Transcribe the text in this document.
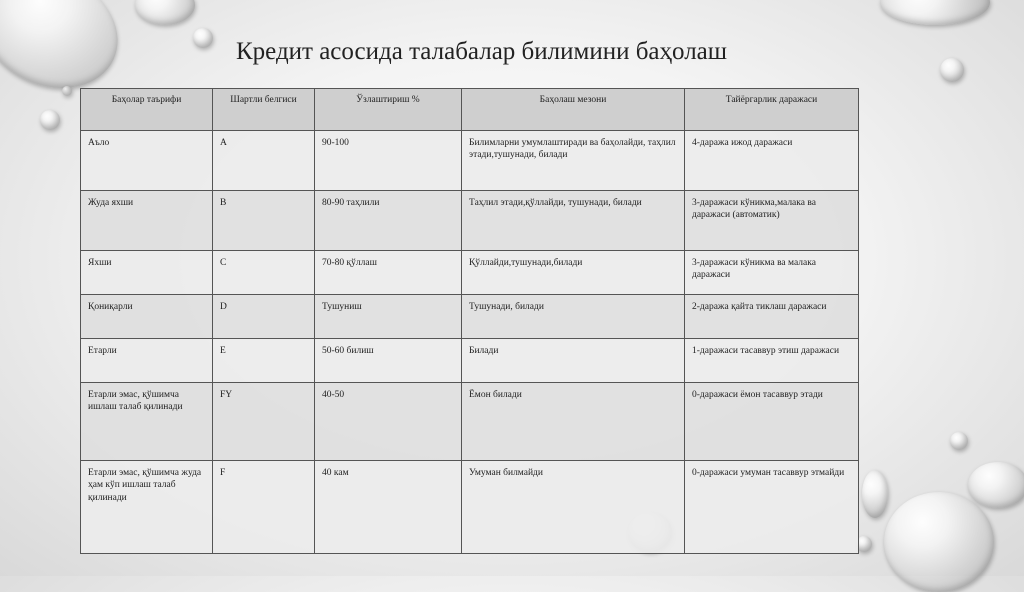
Кредит асосида талабалар билимини баҳолаш
Баҳолар таърифи	Шартли белгиси	Ўзлаштириш %	Баҳолаш мезони	Тайёргарлик даражаси
Аъло	A	90-100	Билимларни умумлаштиради ва баҳолайди, таҳлил этади,тушунади, билади	4-даража ижод даражаси
Жуда яхши	B	80-90 таҳлили	Таҳлил этади,қўллайди, тушунади, билади	3-даражаси кўникма,малака ва даражаси (автоматик)
Яхши	C	70-80 қўллаш	Қўллайди,тушунади,билади	3-даражаси кўникма ва малака даражаси
Қониқарли	D	Тушуниш	Тушунади, билади	2-даража қайта тиклаш даражаси
Етарли	E	50-60 билиш	Билади	1-даражаси тасаввур этиш даражаси
Етарли эмас, қўшимча ишлаш талаб қилинади	FY	40-50	Ёмон билади	0-даражаси ёмон тасаввур этади
Етарли эмас, қўшимча жуда ҳам кўп ишлаш талаб қилинади	F	40 кам	Умуман билмайди	0-даражаси умуман тасаввур этмайди
